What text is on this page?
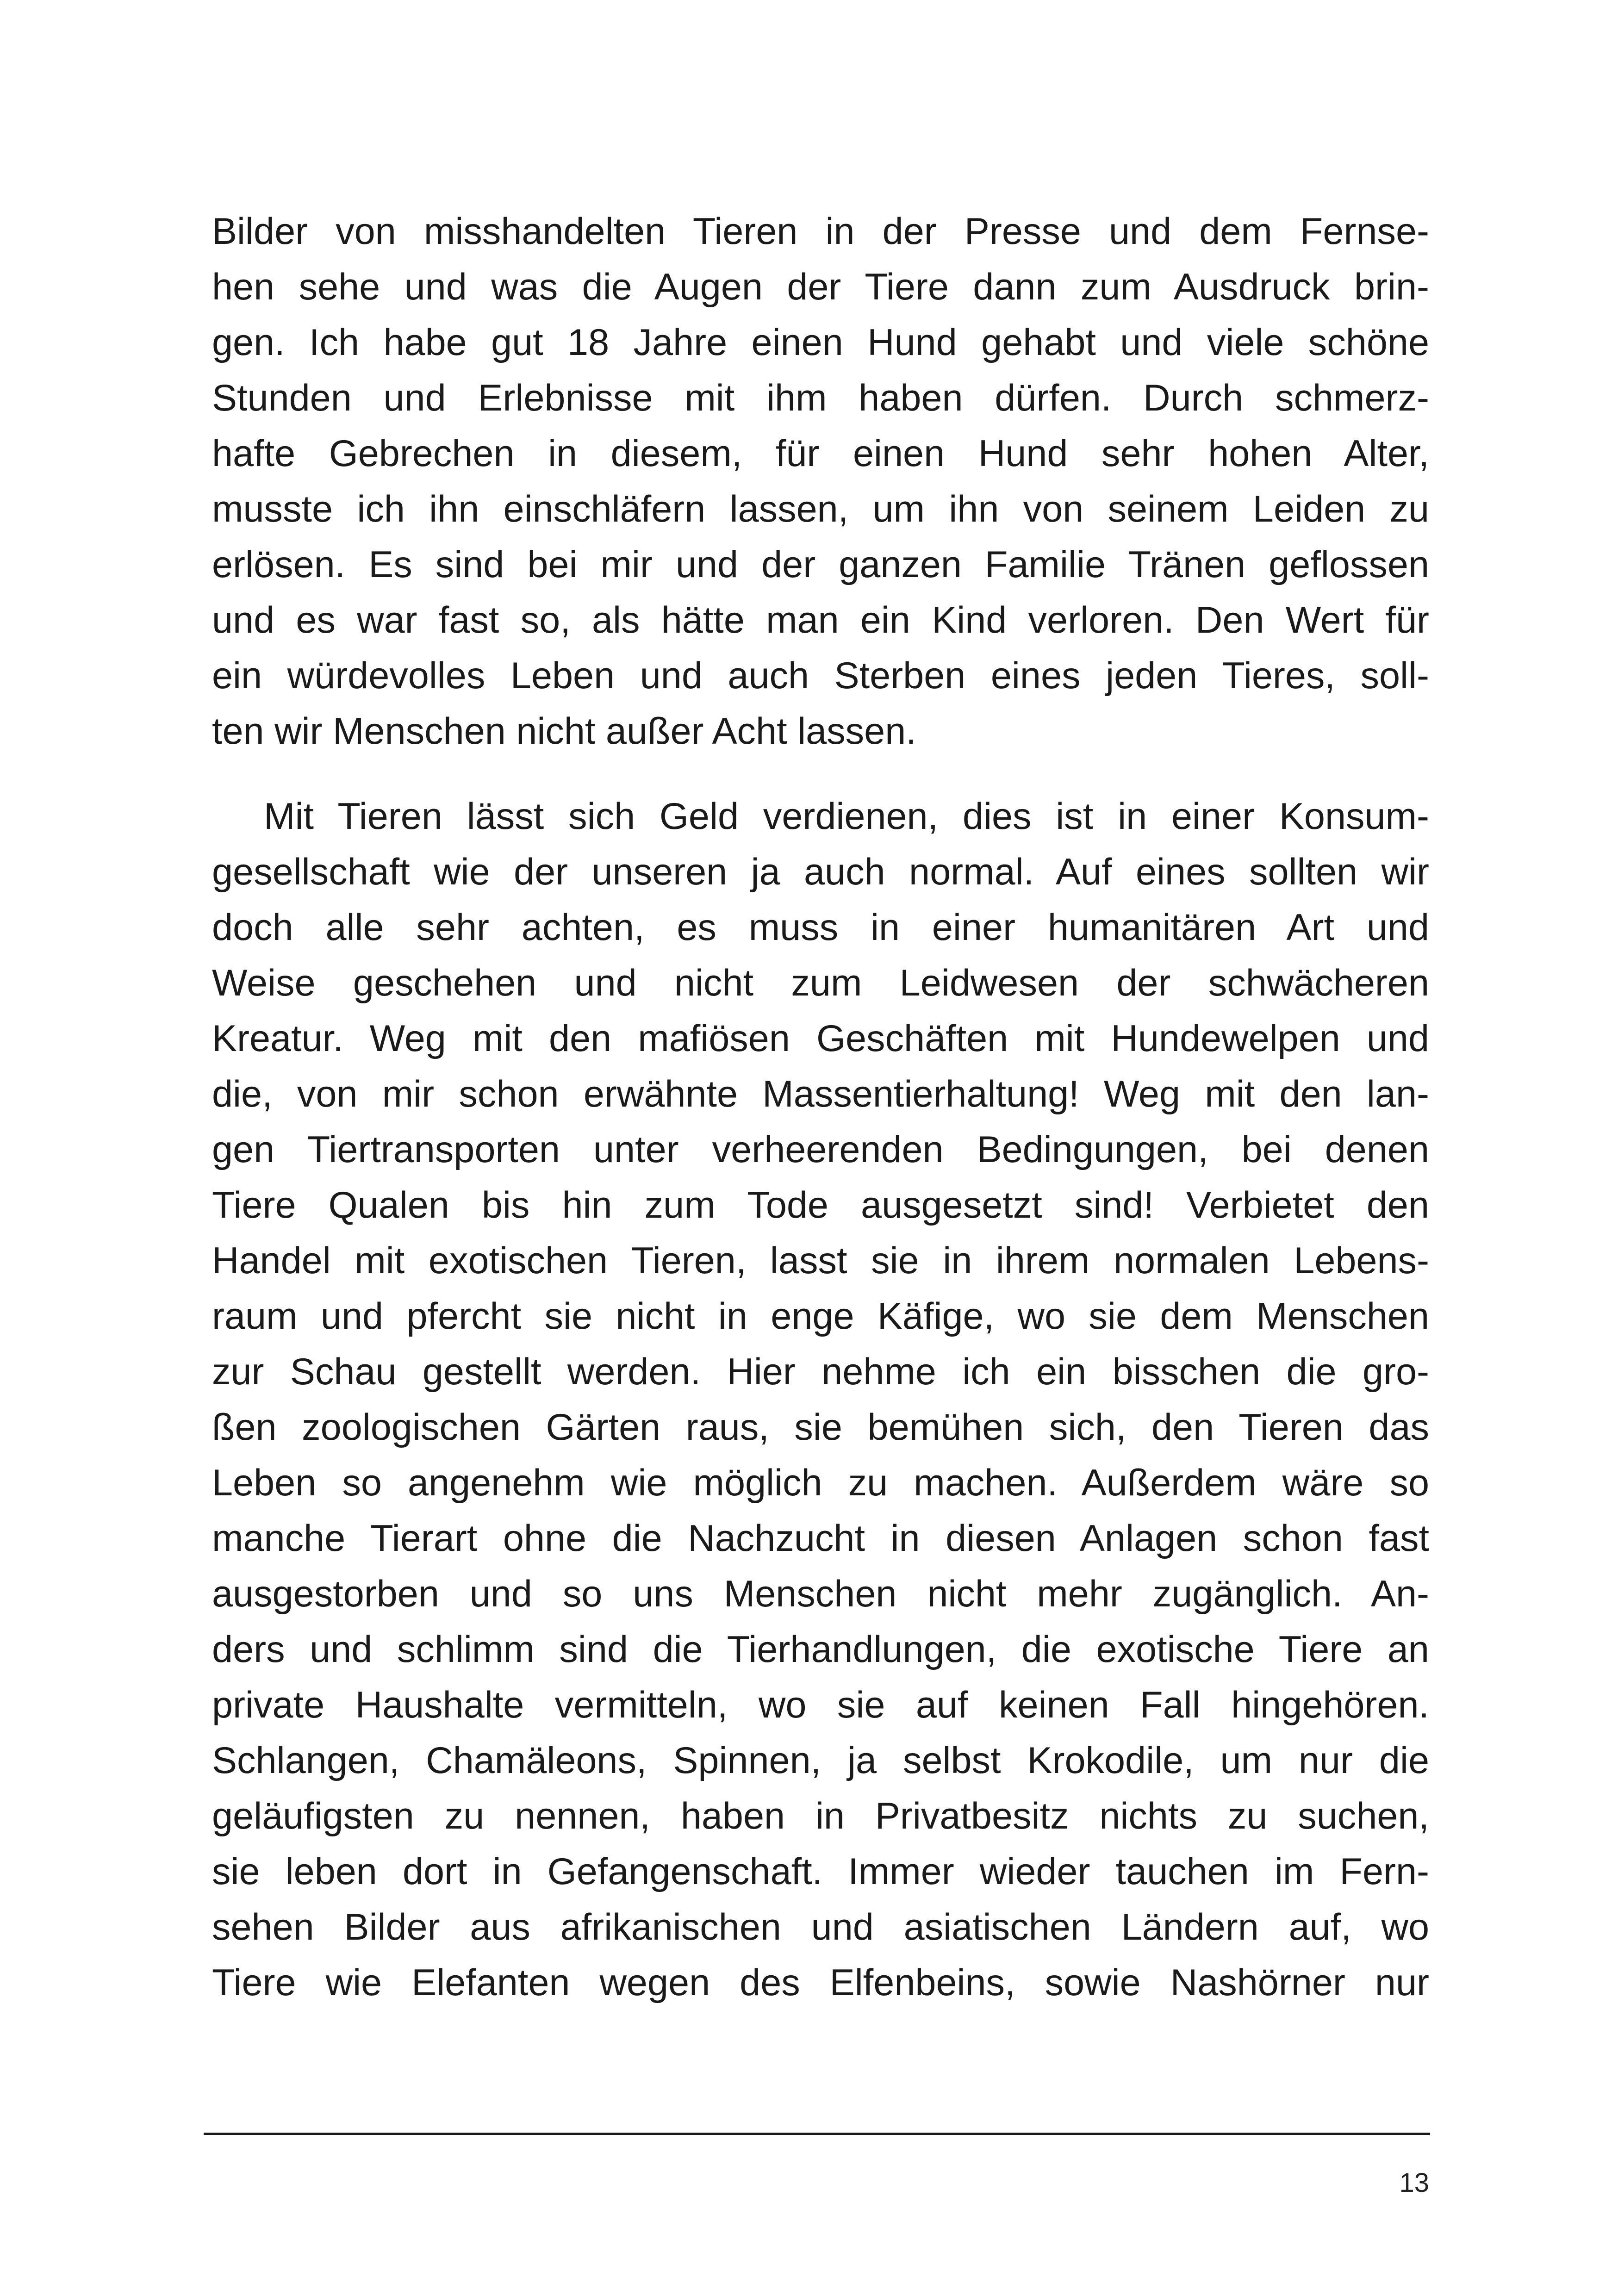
Bilder von misshandelten Tieren in der Presse und dem Fernse-
hen sehe und was die Augen der Tiere dann zum Ausdruck brin-
gen. Ich habe gut 18 Jahre einen Hund gehabt und viele schöne
Stunden und Erlebnisse mit ihm haben dürfen. Durch schmerz-
hafte Gebrechen in diesem, für einen Hund sehr hohen Alter,
musste ich ihn einschläfern lassen, um ihn von seinem Leiden zu
erlösen. Es sind bei mir und der ganzen Familie Tränen geflossen
und es war fast so, als hätte man ein Kind verloren. Den Wert für
ein würdevolles Leben und auch Sterben eines jeden Tieres, soll-
ten wir Menschen nicht außer Acht lassen.
Mit Tieren lässt sich Geld verdienen, dies ist in einer Konsum-
gesellschaft wie der unseren ja auch normal. Auf eines sollten wir
doch alle sehr achten, es muss in einer humanitären Art und
Weise geschehen und nicht zum Leidwesen der schwächeren
Kreatur. Weg mit den mafiösen Geschäften mit Hundewelpen und
die, von mir schon erwähnte Massentierhaltung! Weg mit den lan-
gen Tiertransporten unter verheerenden Bedingungen, bei denen
Tiere Qualen bis hin zum Tode ausgesetzt sind! Verbietet den
Handel mit exotischen Tieren, lasst sie in ihrem normalen Lebens-
raum und pfercht sie nicht in enge Käfige, wo sie dem Menschen
zur Schau gestellt werden. Hier nehme ich ein bisschen die gro-
ßen zoologischen Gärten raus, sie bemühen sich, den Tieren das
Leben so angenehm wie möglich zu machen. Außerdem wäre so
manche Tierart ohne die Nachzucht in diesen Anlagen schon fast
ausgestorben und so uns Menschen nicht mehr zugänglich. An-
ders und schlimm sind die Tierhandlungen, die exotische Tiere an
private Haushalte vermitteln, wo sie auf keinen Fall hingehören.
Schlangen, Chamäleons, Spinnen, ja selbst Krokodile, um nur die
geläufigsten zu nennen, haben in Privatbesitz nichts zu suchen,
sie leben dort in Gefangenschaft. Immer wieder tauchen im Fern-
sehen Bilder aus afrikanischen und asiatischen Ländern auf, wo
Tiere wie Elefanten wegen des Elfenbeins, sowie Nashörner nur
13
